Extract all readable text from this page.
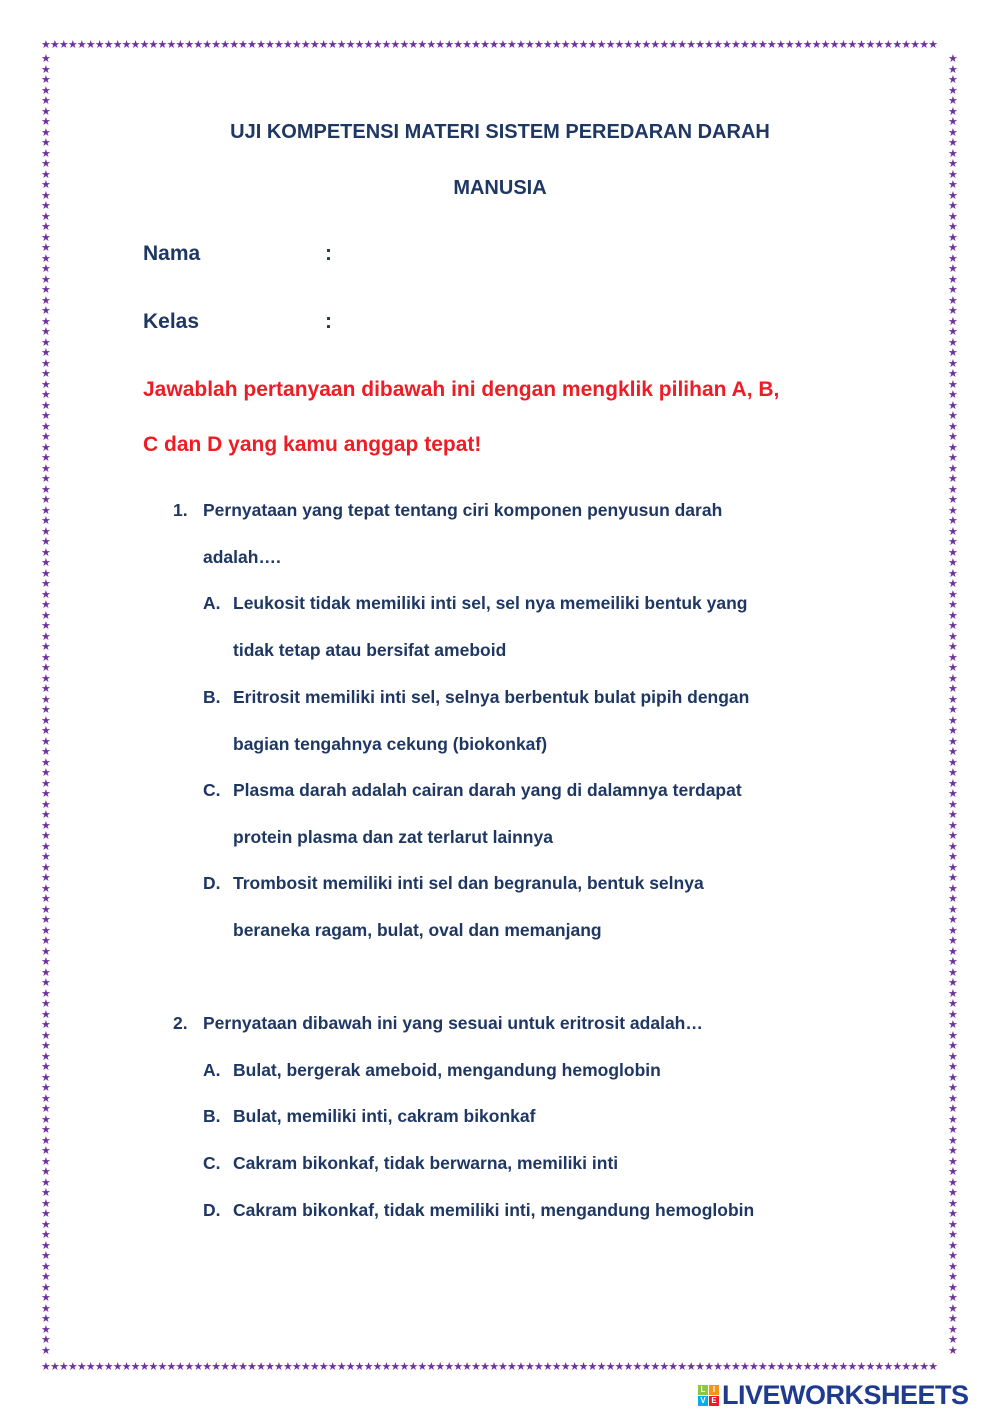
★★★★★★★★★★★★★★★★★★★★★★★★★★★★★★★★★★★★★★★★★★★★★★★★★★★★★★★★★★★★★★★★★★★★★★★★★★★★★★★★★★★★★★★★★★★★★★★★★★★★
★★★★★★★★★★★★★★★★★★★★★★★★★★★★★★★★★★★★★★★★★★★★★★★★★★★★★★★★★★★★★★★★★★★★★★★★★★★★★★★★★★★★★★★★★★★★★★★★★★★★
★
★
★
★
★
★
★
★
★
★
★
★
★
★
★
★
★
★
★
★
★
★
★
★
★
★
★
★
★
★
★
★
★
★
★
★
★
★
★
★
★
★
★
★
★
★
★
★
★
★
★
★
★
★
★
★
★
★
★
★
★
★
★
★
★
★
★
★
★
★
★
★
★
★
★
★
★
★
★
★
★
★
★
★
★
★
★
★
★
★
★
★
★
★
★
★
★
★
★
★
★
★
★
★
★
★
★
★
★
★
★
★
★
★
★
★
★
★
★
★
★
★
★
★

★
★
★
★
★
★
★
★
★
★
★
★
★
★
★
★
★
★
★
★
★
★
★
★
★
★
★
★
★
★
★
★
★
★
★
★
★
★
★
★
★
★
★
★
★
★
★
★
★
★
★
★
★
★
★
★
★
★
★
★
★
★
★
★
★
★
★
★
★
★
★
★
★
★
★
★
★
★
★
★
★
★
★
★
★
★
★
★
★
★
★
★
★
★
★
★
★
★
★
★
★
★
★
★
★
★
★
★
★
★
★
★
★
★
★
★
★
★
★
★
★
★
★
★

UJI KOMPETENSI MATERI SISTEM PEREDARAN DARAH
MANUSIA
Nama	:
Kelas	:
Jawablah pertanyaan dibawah ini dengan mengklik pilihan A, B,
C dan D yang kamu anggap tepat!
1. Pernyataan yang tepat tentang ciri komponen penyusun darah
adalah….
A. Leukosit tidak memiliki inti sel, sel nya memeiliki bentuk yang
tidak tetap atau bersifat ameboid
B. Eritrosit memiliki inti sel, selnya berbentuk bulat pipih dengan
bagian tengahnya cekung (biokonkaf)
C. Plasma darah adalah cairan darah yang di dalamnya terdapat
protein plasma dan zat terlarut lainnya
D. Trombosit memiliki inti sel dan begranula, bentuk selnya
beraneka ragam, bulat, oval dan memanjang
2. Pernyataan dibawah ini yang sesuai untuk eritrosit adalah…
A. Bulat, bergerak ameboid, mengandung hemoglobin
B. Bulat, memiliki inti, cakram bikonkaf
C. Cakram bikonkaf, tidak berwarna, memiliki inti
D. Cakram bikonkaf, tidak memiliki inti, mengandung hemoglobin
L I
V E LIVEWORKSHEETS
